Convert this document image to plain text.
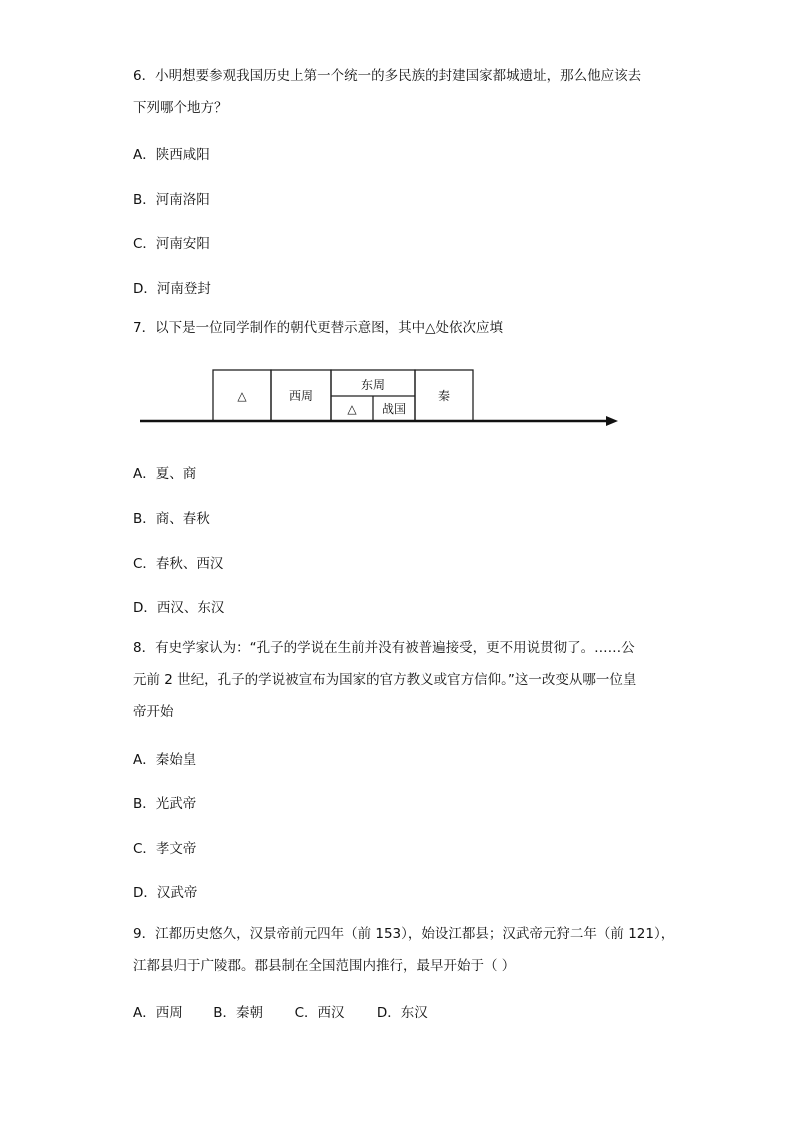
6．小明想要参观我国历史上第一个统一的多民族的封建国家都城遗址，那么他应该去
下列哪个地方？
A．陕西咸阳
B．河南洛阳
C．河南安阳
D．河南登封
7．以下是一位同学制作的朝代更替示意图，其中△处依次应填
△	西周
东周
△ 战国
秦
A．夏、商
B．商、春秋
C．春秋、西汉
D．西汉、东汉
8．有史学家认为：“孔子的学说在生前并没有被普遍接受，更不用说贯彻了。……公
元前 2 世纪，孔子的学说被宣布为国家的官方教义或官方信仰。”这一改变从哪一位皇
帝开始
A．秦始皇
B．光武帝
C．孝文帝
D．汉武帝
9．江都历史悠久，汉景帝前元四年（前 153），始设江都县；汉武帝元狩二年（前 121），
江都县归于广陵郡。郡县制在全国范围内推行，最早开始于（ ）
A．西周 B．秦朝 C．西汉 D．东汉
